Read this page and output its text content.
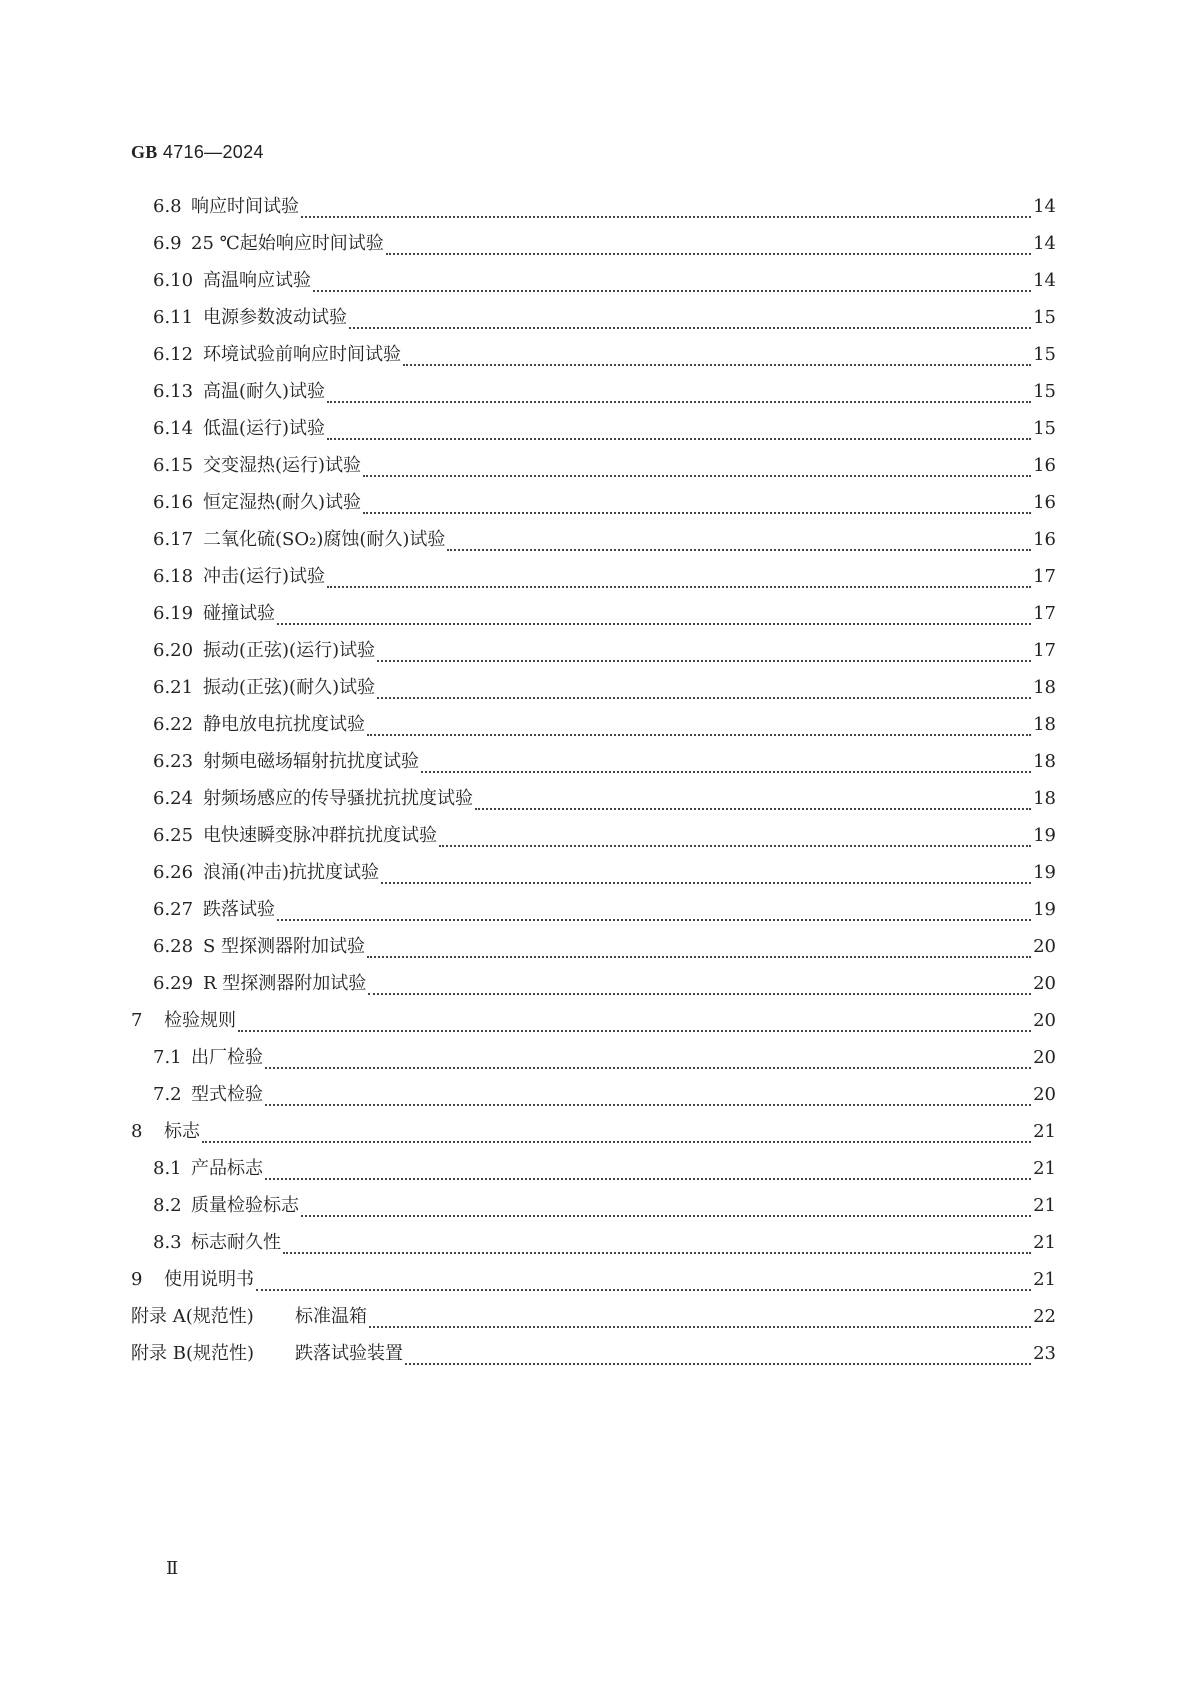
GB 4716—2024
6.8 响应时间试验	14
6.9 25 ℃起始响应时间试验	14
6.10 高温响应试验	14
6.11 电源参数波动试验	15
6.12 环境试验前响应时间试验	15
6.13 高温(耐久)试验	15
6.14 低温(运行)试验	15
6.15 交变湿热(运行)试验	16
6.16 恒定湿热(耐久)试验	16
6.17 二氧化硫(SO₂)腐蚀(耐久)试验	16
6.18 冲击(运行)试验	17
6.19 碰撞试验	17
6.20 振动(正弦)(运行)试验	17
6.21 振动(正弦)(耐久)试验	18
6.22 静电放电抗扰度试验	18
6.23 射频电磁场辐射抗扰度试验	18
6.24 射频场感应的传导骚扰抗扰度试验	18
6.25 电快速瞬变脉冲群抗扰度试验	19
6.26 浪涌(冲击)抗扰度试验	19
6.27 跌落试验	19
6.28 S 型探测器附加试验	20
6.29 R 型探测器附加试验	20
7	检验规则	20
7.1 出厂检验	20
7.2 型式检验	20
8	标志	21
8.1 产品标志	21
8.2 质量检验标志	21
8.3 标志耐久性	21
9	使用说明书	21
附录 A(规范性)	标准温箱	22
附录 B(规范性)	跌落试验装置	23
Ⅱ
